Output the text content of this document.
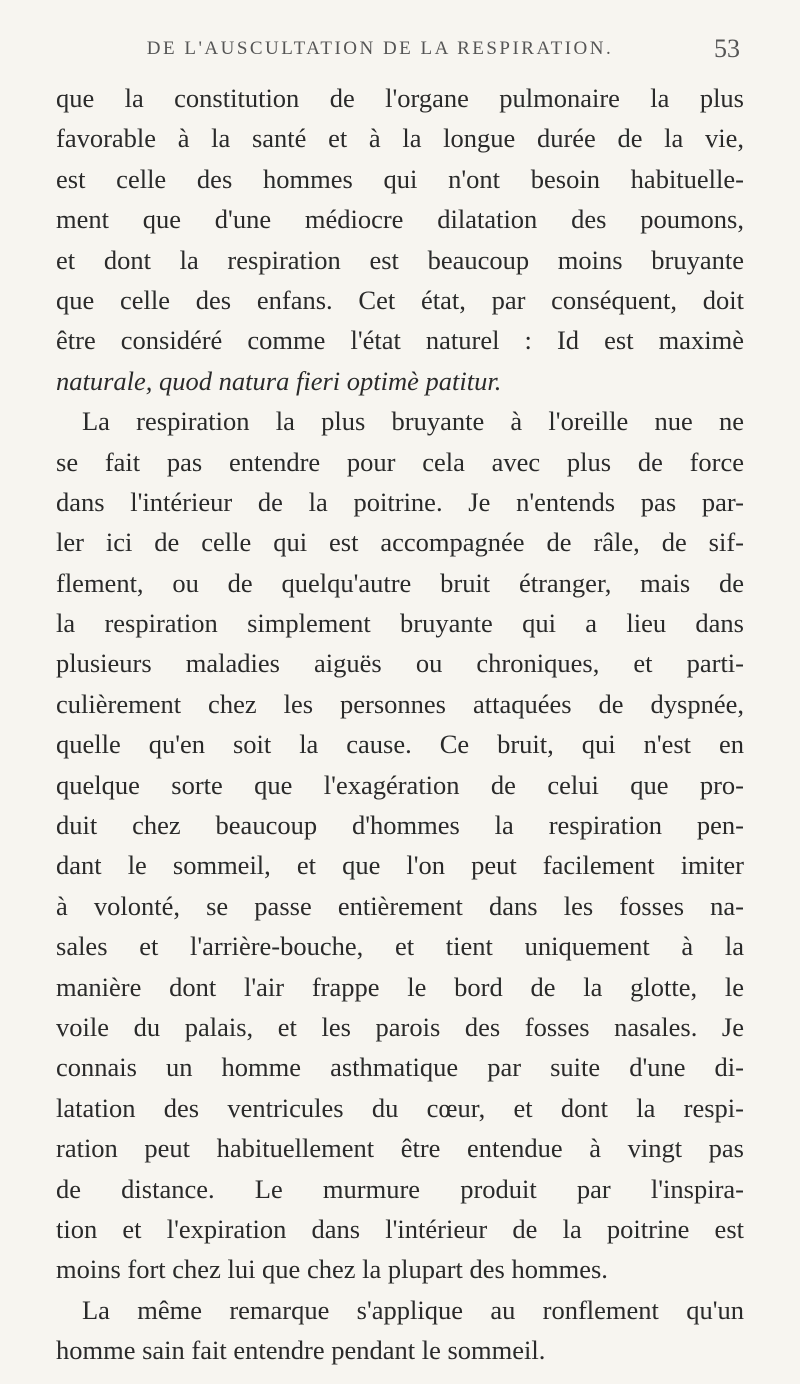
DE L'AUSCULTATION DE LA RESPIRATION.	53
que la constitution de l'organe pulmonaire la plus
favorable à la santé et à la longue durée de la vie,
est celle des hommes qui n'ont besoin habituelle-
ment que d'une médiocre dilatation des poumons,
et dont la respiration est beaucoup moins bruyante
que celle des enfans. Cet état, par conséquent, doit
être considéré comme l'état naturel : Id est maximè
naturale, quod natura fieri optimè patitur.
La respiration la plus bruyante à l'oreille nue ne
se fait pas entendre pour cela avec plus de force
dans l'intérieur de la poitrine. Je n'entends pas par-
ler ici de celle qui est accompagnée de râle, de sif-
flement, ou de quelqu'autre bruit étranger, mais de
la respiration simplement bruyante qui a lieu dans
plusieurs maladies aiguës ou chroniques, et parti-
culièrement chez les personnes attaquées de dyspnée,
quelle qu'en soit la cause. Ce bruit, qui n'est en
quelque sorte que l'exagération de celui que pro-
duit chez beaucoup d'hommes la respiration pen-
dant le sommeil, et que l'on peut facilement imiter
à volonté, se passe entièrement dans les fosses na-
sales et l'arrière-bouche, et tient uniquement à la
manière dont l'air frappe le bord de la glotte, le
voile du palais, et les parois des fosses nasales. Je
connais un homme asthmatique par suite d'une di-
latation des ventricules du cœur, et dont la respi-
ration peut habituellement être entendue à vingt pas
de distance. Le murmure produit par l'inspira-
tion et l'expiration dans l'intérieur de la poitrine est
moins fort chez lui que chez la plupart des hommes.
La même remarque s'applique au ronflement qu'un
homme sain fait entendre pendant le sommeil.
